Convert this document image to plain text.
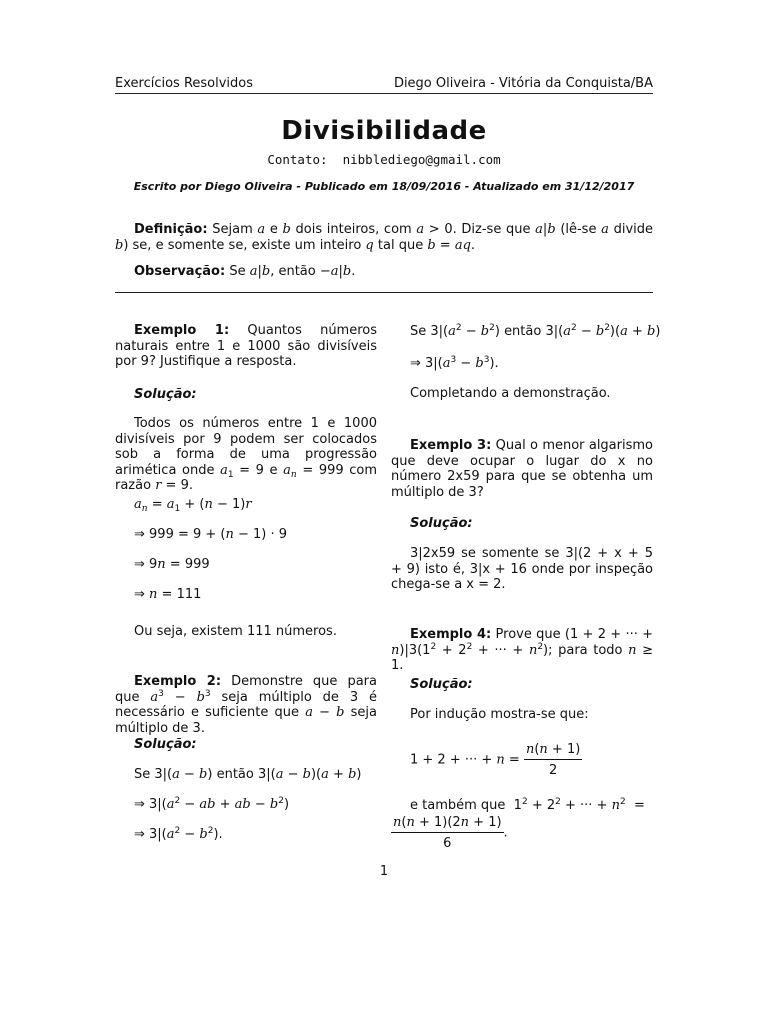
Exercícios Resolvidos	Diego Oliveira - Vitória da Conquista/BA
Divisibilidade
Contato: nibblediego@gmail.com
Escrito por Diego Oliveira - Publicado em 18/09/2016 - Atualizado em 31/12/2017
Definição: Sejam a e b dois inteiros, com a > 0. Diz-se que a|b (lê-se a divide b) se, e somente se, existe um inteiro q tal que b = aq.
Observação: Se a|b, então −a|b.
Exemplo 1: Quantos números naturais entre 1 e 1000 são divisíveis por 9? Justifique a resposta.
Solução:
Todos os números entre 1 e 1000 divisíveis por 9 podem ser colocados sob a forma de uma progressão arimética onde $a_1 = 9$ e $a_n = 999$ com razão r = 9.
$a_n = a_1 + (n - 1)r$
⇒ 999 = 9 + (n − 1) · 9
⇒ 9n = 999
⇒ n = 111
Ou seja, existem 111 números.
Exemplo 2: Demonstre que para que $a^3 - b^3$ seja múltiplo de 3 é necessário e suficiente que a − b seja múltiplo de 3.
Solução:
Se 3|(a − b) então 3|(a − b)(a + b)
⇒ $3|(a^2$ − ab + ab − $b^2$)
⇒ $3|(a^2 - b^2)$.
Se $3|(a^2 - b^2)$ então $3|(a^2 - b^2)(a + b)$
⇒ $3|(a^3 - b^3)$.
Completando a demonstração.
Exemplo 3: Qual o menor algarismo que deve ocupar o lugar do x no número 2x59 para que se obtenha um múltiplo de 3?
Solução:
3|2x59 se somente se 3|(2 + x + 5 + 9) isto é, 3|x + 16 onde por inspeção chega-se a x = 2.
Exemplo 4: Prove que (1 + 2 + ··· + $n)|3(1^2 + 2^2$ + ··· + $n^2$); para todo n ≥ 1.
Solução:
Por indução mostra-se que:
1 + 2 + ··· + $n = \frac{n(n + 1)}{2}$
e também que  $1^2 + 2^2$ + ··· + $n^2$  =
$\frac{n(n + 1)(2n + 1)}{6}$ .
1
